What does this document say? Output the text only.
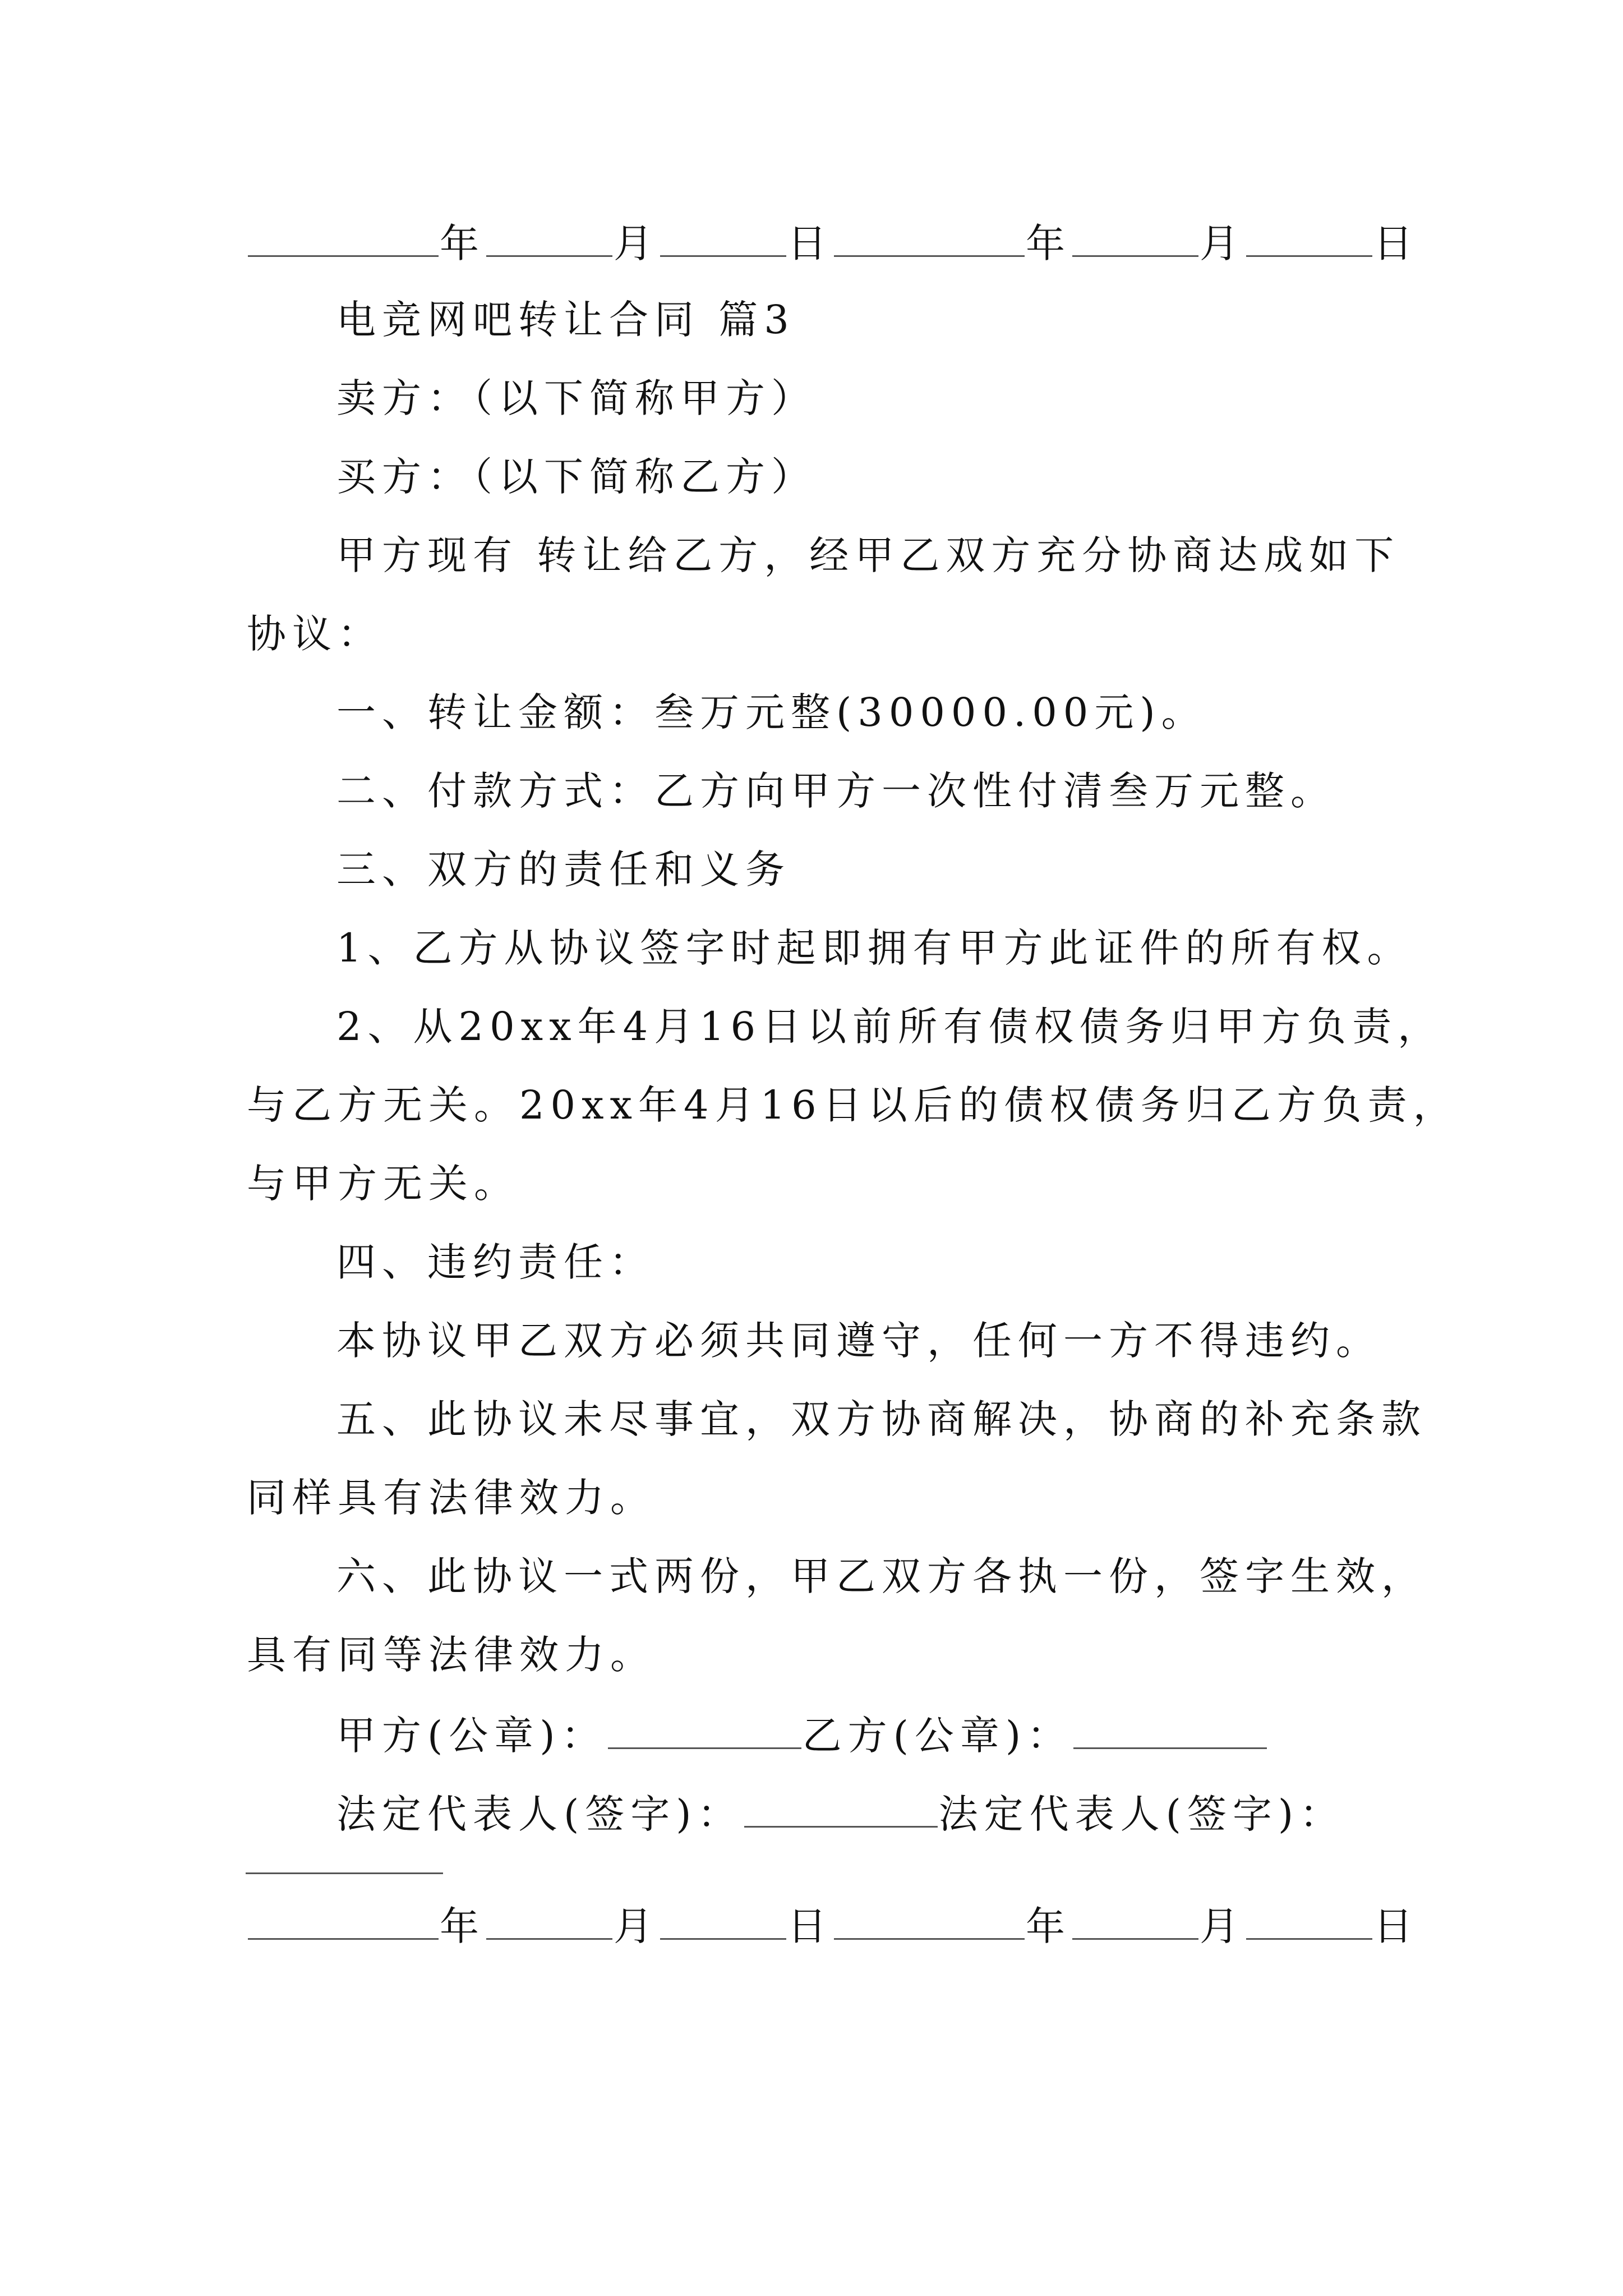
年	月	日	年	月	日
电竞网吧转让合同 篇3
卖方：（以下简称甲方）
买方：（以下简称乙方）
甲方现有 转让给乙方，经甲乙双方充分协商达成如下
协议：
一、转让金额：叁万元整(30000.00元)。
二、付款方式：乙方向甲方一次性付清叁万元整。
三、双方的责任和义务
1、乙方从协议签字时起即拥有甲方此证件的所有权。
2、从20xx年4月16日以前所有债权债务归甲方负责，
与乙方无关。20xx年4月16日以后的债权债务归乙方负责，
与甲方无关。
四、违约责任：
本协议甲乙双方必须共同遵守，任何一方不得违约。
五、此协议未尽事宜，双方协商解决，协商的补充条款
同样具有法律效力。
六、此协议一式两份，甲乙双方各执一份，签字生效，
具有同等法律效力。
甲方(公章)：	乙方(公章)：
法定代表人(签字)：	法定代表人(签字)：
年	月	日	年	月	日
